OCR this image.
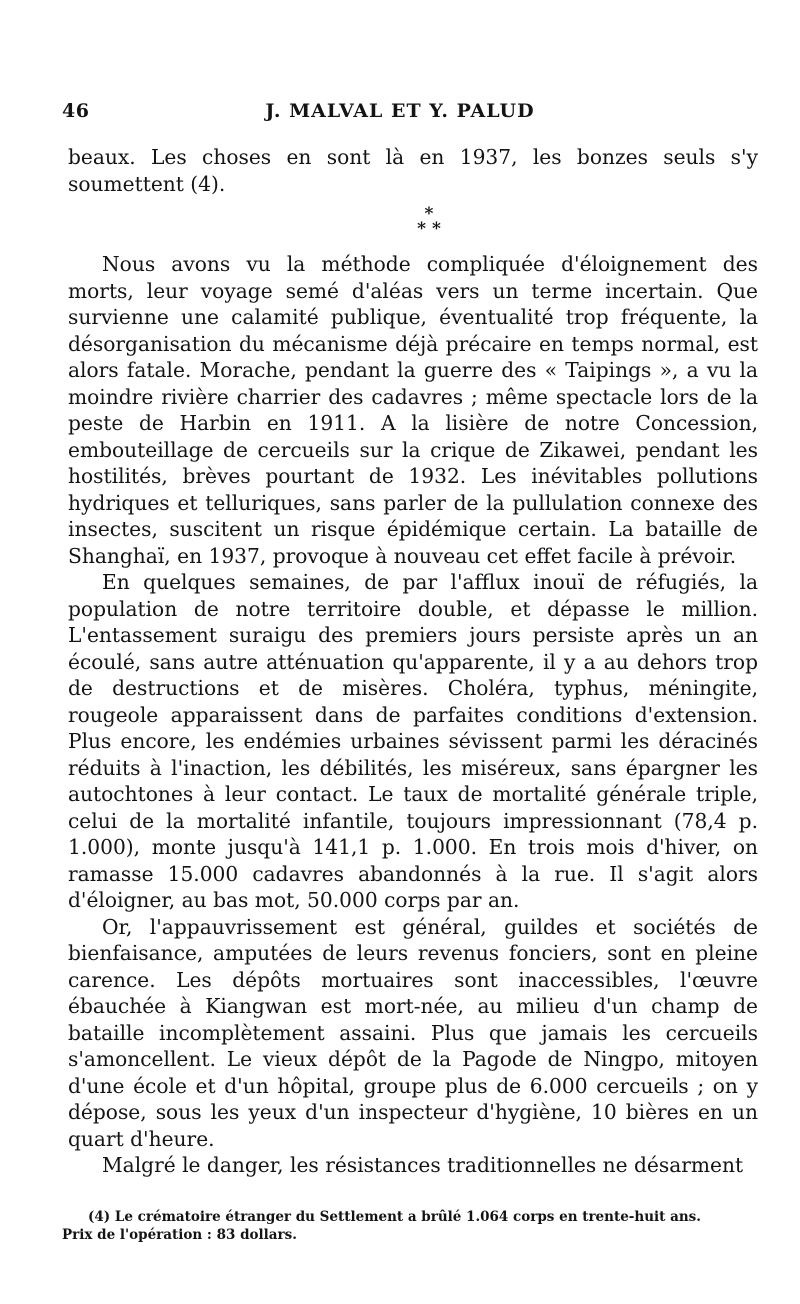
46	J. MALVAL ET Y. PALUD

beaux. Les choses en sont là en 1937, les bonzes seuls s'y soumettent (4).

*
* *

Nous avons vu la méthode compliquée d'éloignement des morts, leur voyage semé d'aléas vers un terme incertain. Que survienne une calamité publique, éventualité trop fréquente, la désorganisation du mécanisme déjà précaire en temps normal, est alors fatale. Morache, pendant la guerre des « Taipings », a vu la moindre rivière charrier des cadavres ; même spectacle lors de la peste de Harbin en 1911. A la lisière de notre Concession, embouteillage de cercueils sur la crique de Zikawei, pendant les hostilités, brèves pourtant de 1932. Les inévitables pollutions hydriques et telluriques, sans parler de la pullulation connexe des insectes, suscitent un risque épidémique certain. La bataille de Shanghaï, en 1937, provoque à nouveau cet effet facile à prévoir.

En quelques semaines, de par l'afflux inouï de réfugiés, la population de notre territoire double, et dépasse le million. L'entassement suraigu des premiers jours persiste après un an écoulé, sans autre atténuation qu'apparente, il y a au dehors trop de destructions et de misères. Choléra, typhus, méningite, rougeole apparaissent dans de parfaites conditions d'extension. Plus encore, les endémies urbaines sévissent parmi les déracinés réduits à l'inaction, les débilités, les miséreux, sans épargner les autochtones à leur contact. Le taux de mortalité générale triple, celui de la mortalité infantile, toujours impressionnant (78,4 p. 1.000), monte jusqu'à 141,1 p. 1.000. En trois mois d'hiver, on ramasse 15.000 cadavres abandonnés à la rue. Il s'agit alors d'éloigner, au bas mot, 50.000 corps par an.

Or, l'appauvrissement est général, guildes et sociétés de bienfaisance, amputées de leurs revenus fonciers, sont en pleine carence. Les dépôts mortuaires sont inaccessibles, l'œuvre ébauchée à Kiangwan est mort-née, au milieu d'un champ de bataille incomplètement assaini. Plus que jamais les cercueils s'amoncellent. Le vieux dépôt de la Pagode de Ningpo, mitoyen d'une école et d'un hôpital, groupe plus de 6.000 cercueils ; on y dépose, sous les yeux d'un inspecteur d'hygiène, 10 bières en un quart d'heure.

Malgré le danger, les résistances traditionnelles ne désarment

(4) Le crématoire étranger du Settlement a brûlé 1.064 corps en trente-huit ans.

Prix de l'opération : 83 dollars.
